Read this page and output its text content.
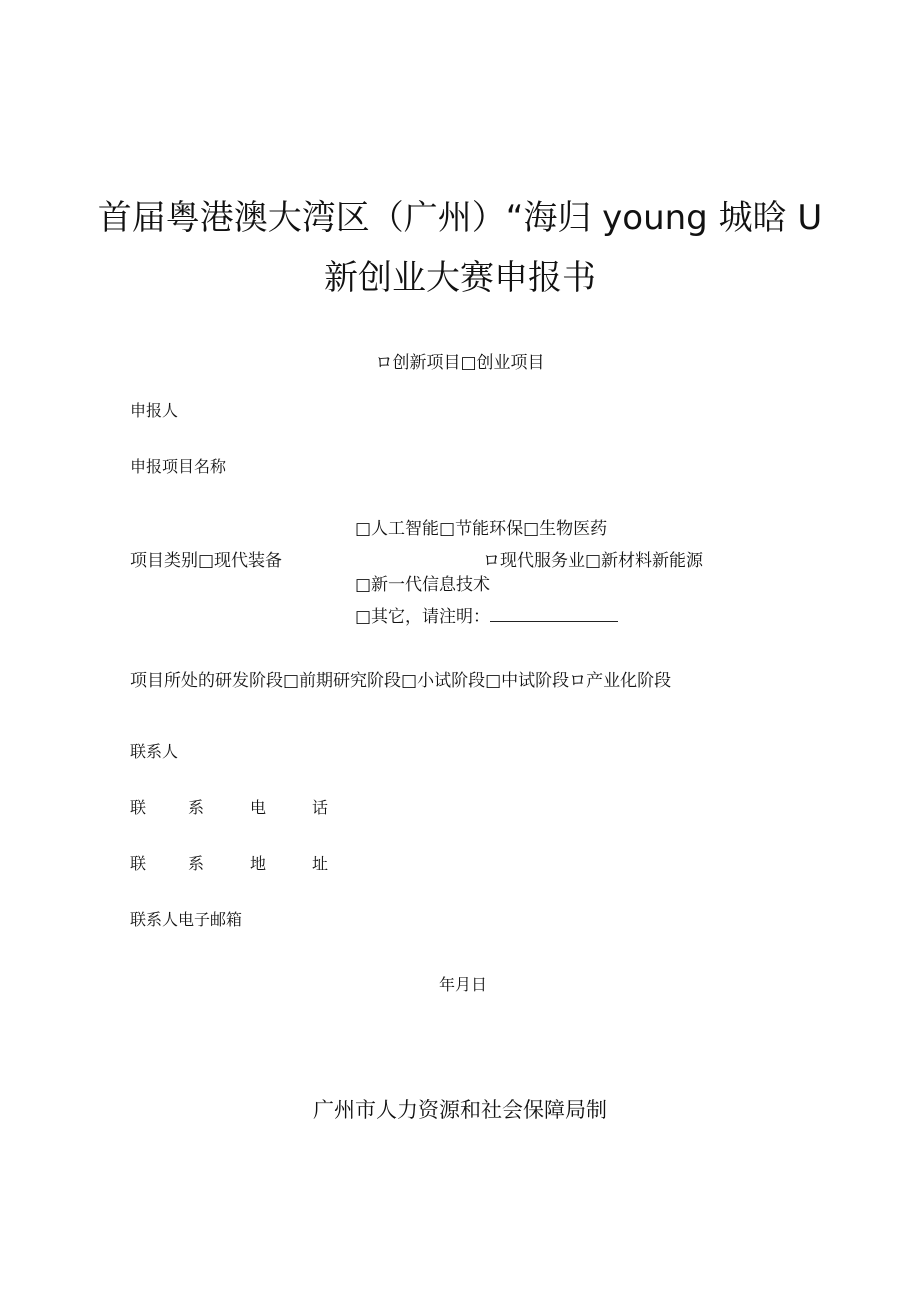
首届粤港澳大湾区（广州）“海归 young 城晗 U
新创业大赛申报书
ロ创新项目□创业项目
申报人
申报项目名称
□人工智能□节能环保□生物医药
项目类别□现代装备	ロ现代服务业□新材料新能源
□新一代信息技术
□其它，请注明：
项目所处的研发阶段□前期研究阶段□小试阶段□中试阶段ロ产业化阶段
联系人
联	系	电	话
联	系	地	址
联系人电子邮箱
年月日
广州市人力资源和社会保障局制
